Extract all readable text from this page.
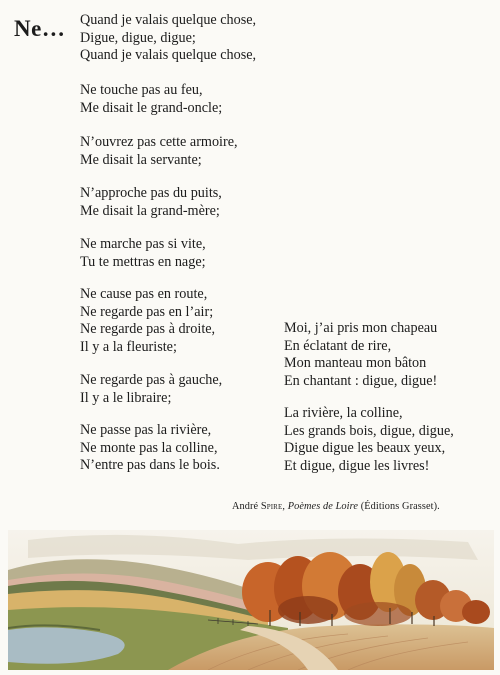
Ne… Quand je valais quelque chose,
Digue, digue, digue;
Quand je valais quelque chose,
Ne touche pas au feu,
Me disait le grand-oncle;
N’ouvrez pas cette armoire,
Me disait la servante;
N’approche pas du puits,
Me disait la grand-mère;
Ne marche pas si vite,
Tu te mettras en nage;
Ne cause pas en route,
Ne regarde pas en l’air;
Ne regarde pas à droite,
Il y a la fleuriste;
Ne regarde pas à gauche,
Il y a le libraire;
Ne passe pas la rivière,
Ne monte pas la colline,
N’entre pas dans le bois.
Moi, j’ai pris mon chapeau
En éclatant de rire,
Mon manteau mon bâton
En chantant : digue, digue!
La rivière, la colline,
Les grands bois, digue, digue,
Digue digue les beaux yeux,
Et digue, digue les livres!
André Spire, Poèmes de Loire (Éditions Grasset).
